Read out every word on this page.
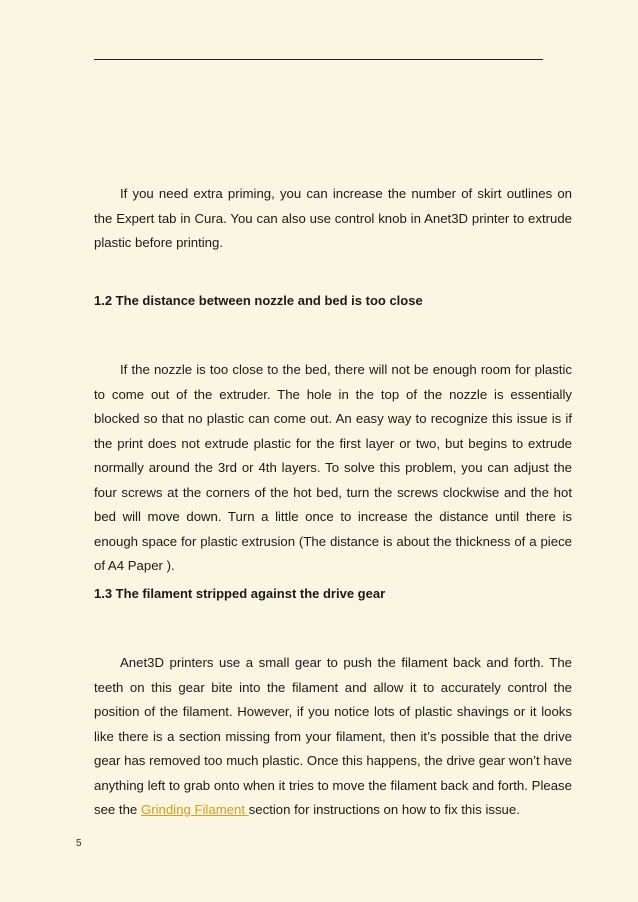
If you need extra priming, you can increase the number of skirt outlines on the Expert tab in Cura. You can also use control knob in Anet3D printer to extrude plastic before printing.

1.2 The distance between nozzle and bed is too close

If the nozzle is too close to the bed, there will not be enough room for plastic to come out of the extruder. The hole in the top of the nozzle is essentially blocked so that no plastic can come out. An easy way to recognize this issue is if the print does not extrude plastic for the first layer or two, but begins to extrude normally around the 3rd or 4th layers. To solve this problem, you can adjust the four screws at the corners of the hot bed, turn the screws clockwise and the hot bed will move down. Turn a little once to increase the distance until there is enough space for plastic extrusion (The distance is about the thickness of a piece of A4 Paper ).

1.3 The filament stripped against the drive gear

Anet3D printers use a small gear to push the filament back and forth. The teeth on this gear bite into the filament and allow it to accurately control the position of the filament. However, if you notice lots of plastic shavings or it looks like there is a section missing from your filament, then it’s possible that the drive gear has removed too much plastic. Once this happens, the drive gear won’t have anything left to grab onto when it tries to move the filament back and forth. Please see the Grinding Filament section for instructions on how to fix this issue.

5
